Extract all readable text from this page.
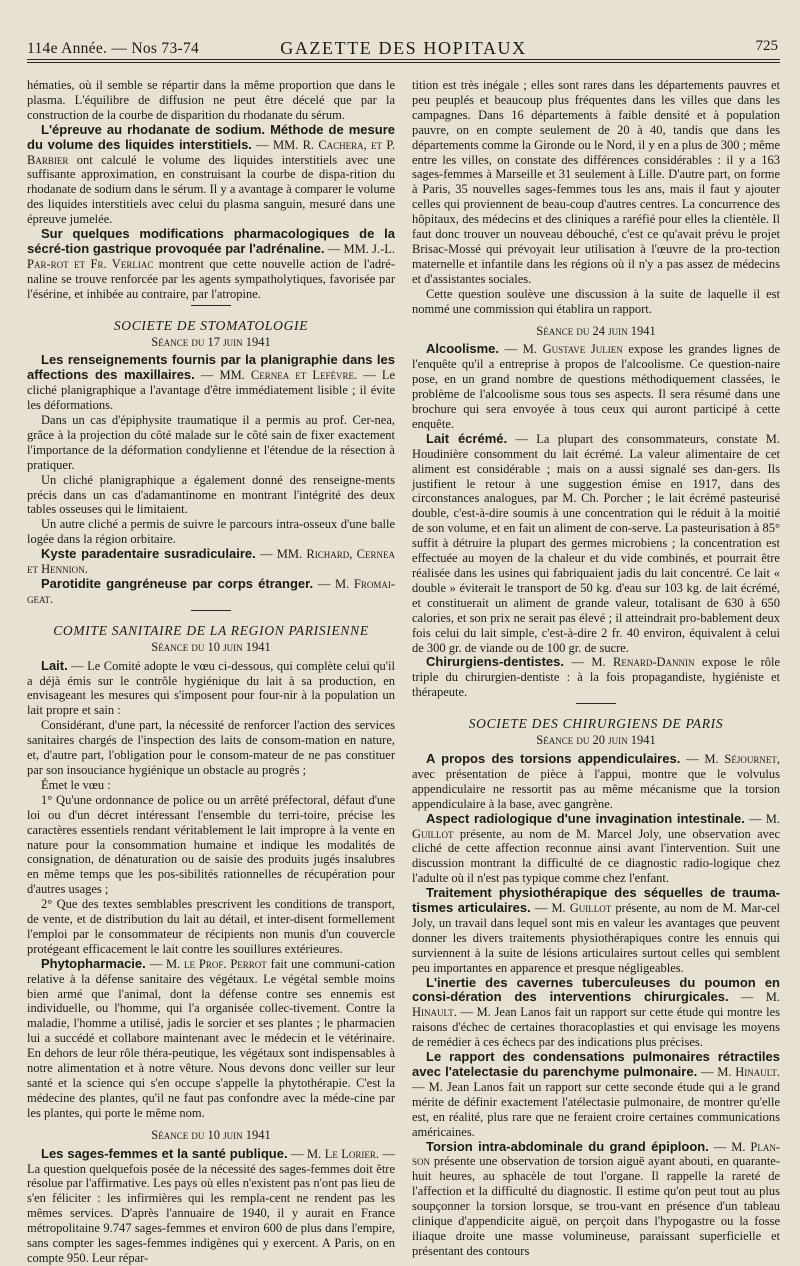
114e Année. — Nos 73-74	GAZETTE DES HOPITAUX	725

hématies, où il semble se répartir dans la même proportion que dans le plasma. L'équilibre de diffusion ne peut être décelé que par la construction de la courbe de disparition du rhodanate du sérum.

L'épreuve au rhodanate de sodium. Méthode de mesure du volume des liquides interstitiels. — MM. R. Cachera, et P. Barbier ont calculé le volume des liquides interstitiels avec une suffisante approximation, en construisant la courbe de dispa-rition du rhodanate de sodium dans le sérum. Il y a avantage à comparer le volume des liquides interstitiels avec celui du plasma sanguin, mesuré dans une épreuve jumelée.

Sur quelques modifications pharmacologiques de la sécré-tion gastrique provoquée par l'adrénaline. — MM. J.-L. Par-rot et Fr. Verliac montrent que cette nouvelle action de l'adré-naline se trouve renforcée par les agents sympatholytiques, favorisée par l'ésérine, et inhibée au contraire, par l'atropine.

SOCIETE DE STOMATOLOGIE
Séance du 17 juin 1941

Les renseignements fournis par la planigraphie dans les affections des maxillaires. — MM. Cernea et Lefèvre. — Le cliché planigraphique a l'avantage d'être immédiatement lisible ; il évite les déformations.

Dans un cas d'épiphysite traumatique il a permis au prof. Cer-nea, grâce à la projection du côté malade sur le côté sain de fixer exactement l'importance de la déformation condylienne et l'étendue de la résection à pratiquer.

Un cliché planigraphique a également donné des renseigne-ments précis dans un cas d'adamantinome en montrant l'intégrité des deux tables osseuses qui le limitaient.

Un autre cliché a permis de suivre le parcours intra-osseux d'une balle logée dans la région orbitaire.

Kyste paradentaire susradiculaire. — MM. Richard, Cernea et Hennion.

Parotidite gangréneuse par corps étranger. — M. Fromai-geat.

COMITE SANITAIRE DE LA REGION PARISIENNE
Séance du 10 juin 1941

Lait. — Le Comité adopte le vœu ci-dessous, qui complète celui qu'il a déjà émis sur le contrôle hygiénique du lait à sa production, en envisageant les mesures qui s'imposent pour four-nir à la population un lait propre et sain :

Considérant, d'une part, la nécessité de renforcer l'action des services sanitaires chargés de l'inspection des laits de consom-mation en nature, et, d'autre part, l'obligation pour le consom-mateur de ne pas constituer par son insouciance hygiénique un obstacle au progrès ;

Émet le vœu :

1° Qu'une ordonnance de police ou un arrêté préfectoral, défaut d'une loi ou d'un décret intéressant l'ensemble du terri-toire, précise les caractères essentiels rendant véritablement le lait impropre à la vente en nature pour la consommation humaine et indique les modalités de consignation, de dénaturation ou de saisie des produits jugés insalubres en même temps que les pos-sibilités rationnelles de récupération pour d'autres usages ;

2° Que des textes semblables prescrivent les conditions de transport, de vente, et de distribution du lait au détail, et inter-disent formellement l'emploi par le consommateur de récipients non munis d'un couvercle protégeant efficacement le lait contre les souillures extérieures.

Phytopharmacie. — M. le Prof. Perrot fait une communi-cation relative à la défense sanitaire des végétaux. Le végétal semble moins bien armé que l'animal, dont la défense contre ses ennemis est individuelle, ou l'homme, qui l'a organisée collec-tivement. Contre la maladie, l'homme a utilisé, jadis le sorcier et ses plantes ; le pharmacien lui a succédé et collabore maintenant avec le médecin et le vétérinaire. En dehors de leur rôle théra-peutique, les végétaux sont indispensables à notre alimentation et à notre vêture. Nous devons donc veiller sur leur santé et la science qui s'en occupe s'appelle la phytothérapie. C'est la médecine des plantes, qu'il ne faut pas confondre avec la méde-cine par les plantes, qui porte le même nom.

Séance du 10 juin 1941

Les sages-femmes et la santé publique. — M. Le Lorier. — La question quelquefois posée de la nécessité des sages-femmes doit être résolue par l'affirmative. Les pays où elles n'existent pas n'ont pas lieu de s'en féliciter : les infirmières qui les rempla-cent ne rendent pas les mêmes services. D'après l'annuaire de 1940, il y aurait en France métropolitaine 9.747 sages-femmes et environ 600 de plus dans l'empire, sans compter les sages-femmes indigènes qui y exercent. A Paris, on en compte 950. Leur répar-

tition est très inégale ; elles sont rares dans les départements pauvres et peu peuplés et beaucoup plus fréquentes dans les villes que dans les campagnes. Dans 16 départements à faible densité et à population pauvre, on en compte seulement de 20 à 40, tandis que dans les départements comme la Gironde ou le Nord, il y en a plus de 300 ; même entre les villes, on constate des différences considérables : il y a 163 sages-femmes à Marseille et 31 seulement à Lille. D'autre part, on forme à Paris, 35 nouvelles sages-femmes tous les ans, mais il faut y ajouter celles qui proviennent de beau-coup d'autres centres. La concurrence des hôpitaux, des médecins et des cliniques a raréfié pour elles la clientèle. Il faut donc trouver un nouveau débouché, c'est ce qu'avait prévu le projet Brisac-Mossé qui prévoyait leur utilisation à l'œuvre de la pro-tection maternelle et infantile dans les régions où il n'y a pas assez de médecins et d'assistantes sociales.

Cette question soulève une discussion à la suite de laquelle il est nommé une commission qui établira un rapport.

Séance du 24 juin 1941

Alcoolisme. — M. Gustave Julien expose les grandes lignes de l'enquête qu'il a entreprise à propos de l'alcoolisme. Ce question-naire pose, en un grand nombre de questions méthodiquement classées, le problème de l'alcoolisme sous tous ses aspects. Il sera résumé dans une brochure qui sera envoyée à tous ceux qui auront participé à cette enquête.

Lait écrémé. — La plupart des consommateurs, constate M. Houdinière consomment du lait écrémé. La valeur alimentaire de cet aliment est considérable ; mais on a aussi signalé ses dan-gers. Ils justifient le retour à une suggestion émise en 1917, dans des circonstances analogues, par M. Ch. Porcher ; le lait écrémé pasteurisé double, c'est-à-dire soumis à une concentration qui le réduit à la moitié de son volume, et en fait un aliment de con-serve. La pasteurisation à 85° suffit à détruire la plupart des germes microbiens ; la concentration est effectuée au moyen de la chaleur et du vide combinés, et pourrait être réalisée dans les usines qui fabriquaient jadis du lait concentré. Ce lait « double » éviterait le transport de 50 kg. d'eau sur 103 kg. de lait écrémé, et constituerait un aliment de grande valeur, totalisant de 630 à 650 calories, et son prix ne serait pas élevé ; il atteindrait pro-bablement deux fois celui du lait simple, c'est-à-dire 2 fr. 40 environ, équivalent à celui de 300 gr. de viande ou de 100 gr. de sucre.

Chirurgiens-dentistes. — M. Renard-Dannin expose le rôle triple du chirurgien-dentiste : à la fois propagandiste, hygiéniste et thérapeute.

SOCIETE DES CHIRURGIENS DE PARIS
Séance du 20 juin 1941

A propos des torsions appendiculaires. — M. Séjournet, avec présentation de pièce à l'appui, montre que le volvulus appendiculaire ne ressortit pas au même mécanisme que la torsion appendiculaire à la base, avec gangrène.

Aspect radiologique d'une invagination intestinale. — M. Guillot présente, au nom de M. Marcel Joly, une observation avec cliché de cette affection reconnue ainsi avant l'intervention. Suit une discussion montrant la difficulté de ce diagnostic radio-logique chez l'adulte où il n'est pas typique comme chez l'enfant.

Traitement physiothérapique des séquelles de trauma-tismes articulaires. — M. Guillot présente, au nom de M. Mar-cel Joly, un travail dans lequel sont mis en valeur les avantages que peuvent donner les divers traitements physiothérapiques contre les ennuis qui surviennent à la suite de lésions articulaires surtout celles qui semblent peu importantes en apparence et presque négligeables.

L'inertie des cavernes tuberculeuses du poumon en consi-dération des interventions chirurgicales. — M. Hinault. — M. Jean Lanos fait un rapport sur cette étude qui montre les raisons d'échec de certaines thoracoplasties et qui envisage les moyens de remédier à ces échecs par des indications plus précises.

Le rapport des condensations pulmonaires rétractiles avec l'atelectasie du parenchyme pulmonaire. — M. Hinault. — M. Jean Lanos fait un rapport sur cette seconde étude qui a le grand mérite de définir exactement l'atélectasie pulmonaire, de montrer qu'elle est, en réalité, plus rare que ne feraient croire certaines communications américaines.

Torsion intra-abdominale du grand épiploon. — M. Plan-son présente une observation de torsion aiguë ayant abouti, en quarante-huit heures, au sphacèle de tout l'organe. Il rappelle la rareté de l'affection et la difficulté du diagnostic. Il estime qu'on peut tout au plus soupçonner la torsion lorsque, se trou-vant en présence d'un tableau clinique d'appendicite aiguë, on perçoit dans l'hypogastre ou la fosse iliaque droite une masse volumineuse, paraissant superficielle et présentant des contours
